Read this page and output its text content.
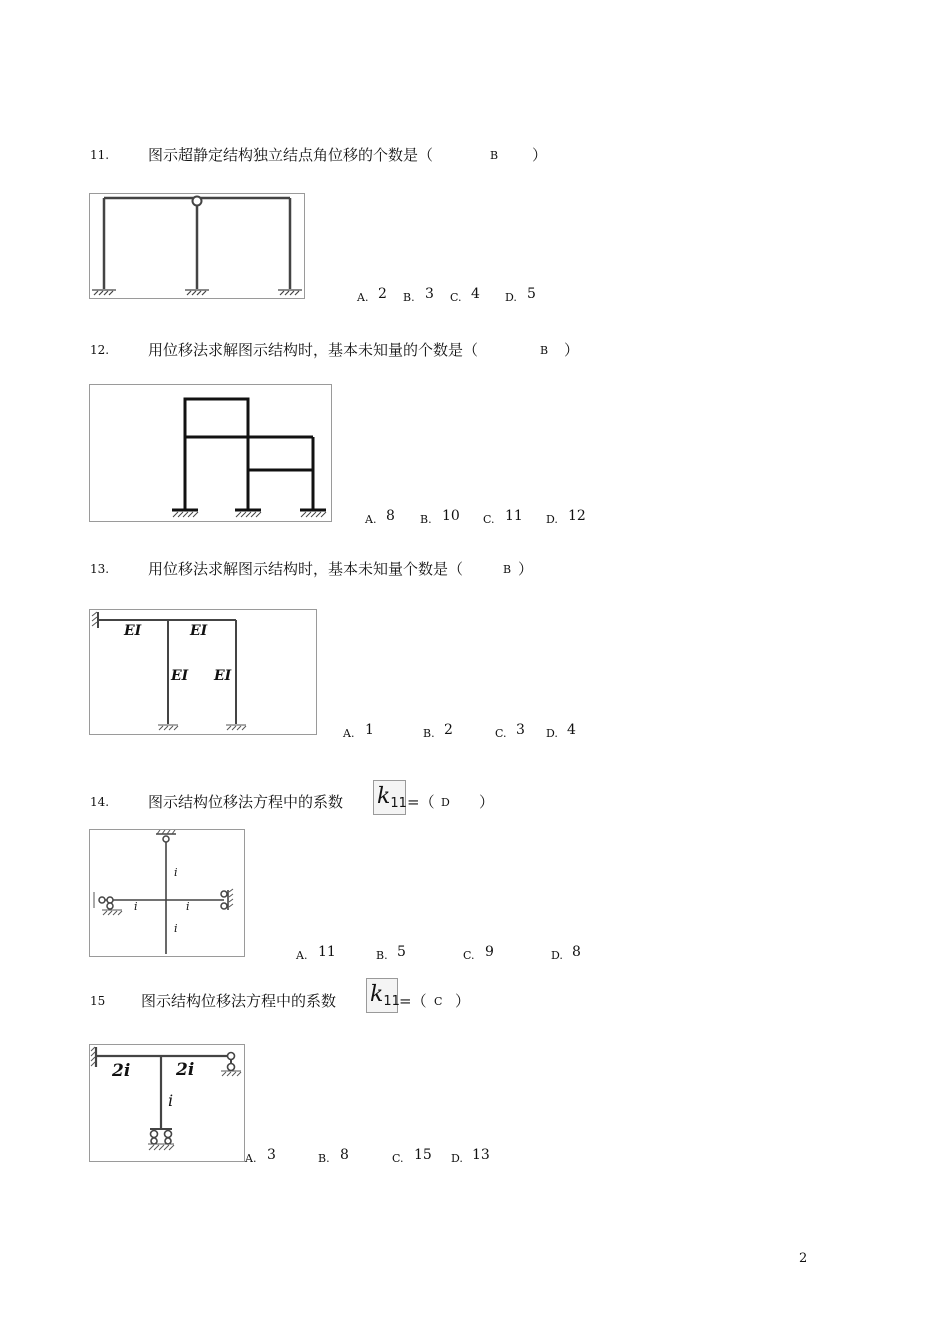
11.	图示超静定结构独立结点角位移的个数是（	B ）
A. 2 B. 3 C. 4 D. 5
12.	用位移法求解图示结构时，基本未知量的个数是（	B ）
A. 8 B. 10 C. 11 D. 12
13.	用位移法求解图示结构时，基本未知量个数是（	B ）
EI	EI
EI EI
A. 1	B. 2	C. 3 D. 4
14.	图示结构位移法方程中的系数 $k_{11}$ =（ D ）
i
i	i
i
A. 11	B. 5	C. 9	D. 8
15 图示结构位移法方程中的系数 $k_{11}$ =（ C ）
2i	2i
i
A. 3	B. 8	C. 15 D. 13
2
